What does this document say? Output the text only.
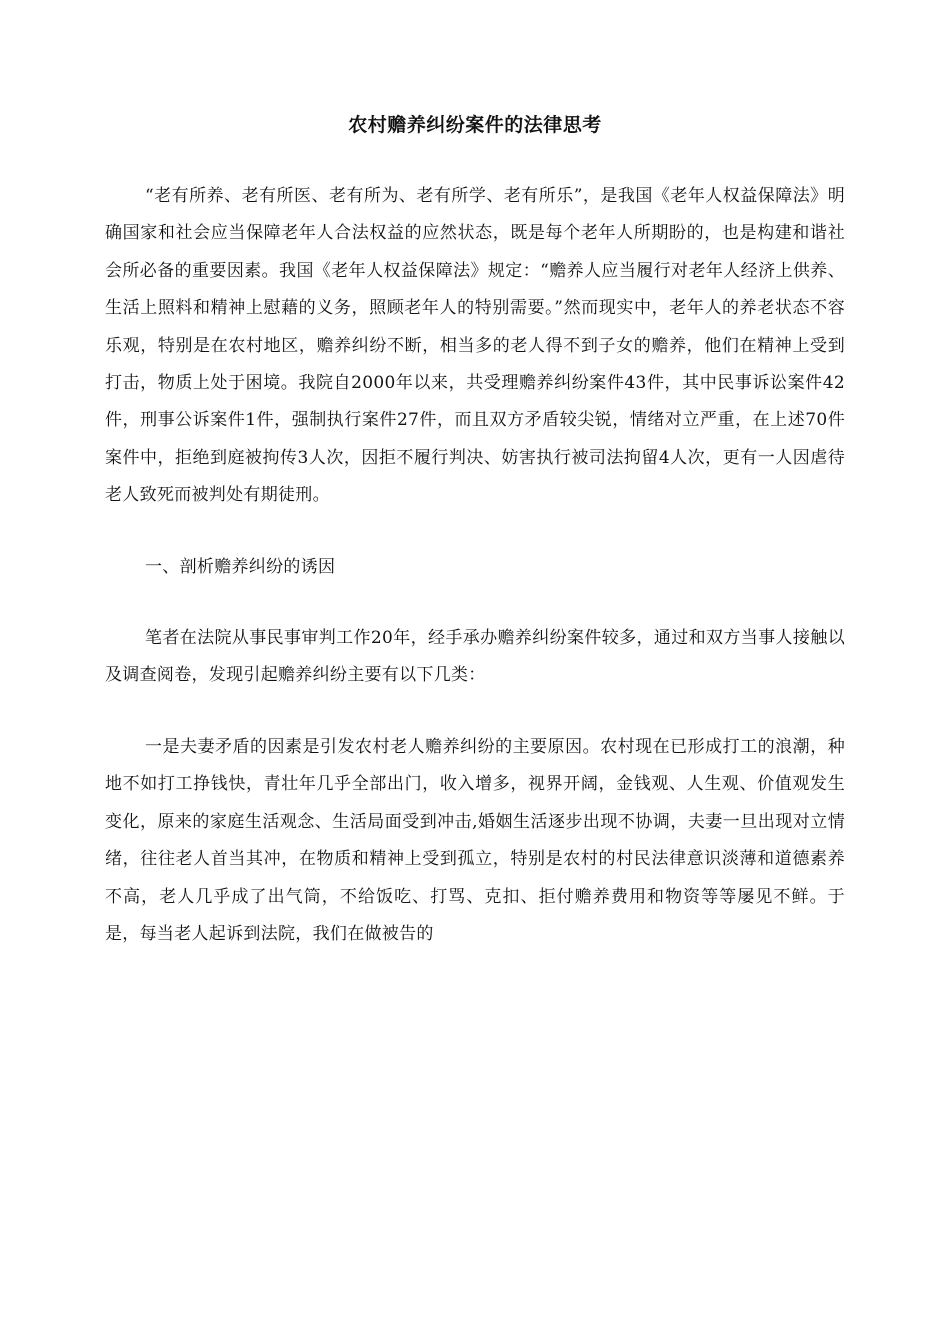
农村赡养纠纷案件的法律思考

“老有所养、老有所医、老有所为、老有所学、老有所乐”，是我国《老年人权益保障法》明确国家和社会应当保障老年人合法权益的应然状态，既是每个老年人所期盼的，也是构建和谐社会所必备的重要因素。我国《老年人权益保障法》规定：“赡养人应当履行对老年人经济上供养、生活上照料和精神上慰藉的义务，照顾老年人的特别需要。”然而现实中，老年人的养老状态不容乐观，特别是在农村地区，赡养纠纷不断，相当多的老人得不到子女的赡养，他们在精神上受到打击，物质上处于困境。我院自2000年以来，共受理赡养纠纷案件43件，其中民事诉讼案件42件，刑事公诉案件1件，强制执行案件27件，而且双方矛盾较尖锐，情绪对立严重，在上述70件案件中，拒绝到庭被拘传3人次，因拒不履行判决、妨害执行被司法拘留4人次，更有一人因虐待老人致死而被判处有期徒刑。

一、剖析赡养纠纷的诱因

笔者在法院从事民事审判工作20年，经手承办赡养纠纷案件较多，通过和双方当事人接触以及调查阅卷，发现引起赡养纠纷主要有以下几类：

一是夫妻矛盾的因素是引发农村老人赡养纠纷的主要原因。农村现在已形成打工的浪潮，种地不如打工挣钱快，青壮年几乎全部出门，收入增多，视界开阔，金钱观、人生观、价值观发生变化，原来的家庭生活观念、生活局面受到冲击,婚姻生活逐步出现不协调，夫妻一旦出现对立情绪，往往老人首当其冲，在物质和精神上受到孤立，特别是农村的村民法律意识淡薄和道德素养不高，老人几乎成了出气筒，不给饭吃、打骂、克扣、拒付赡养费用和物资等等屡见不鲜。于是，每当老人起诉到法院，我们在做被告的
